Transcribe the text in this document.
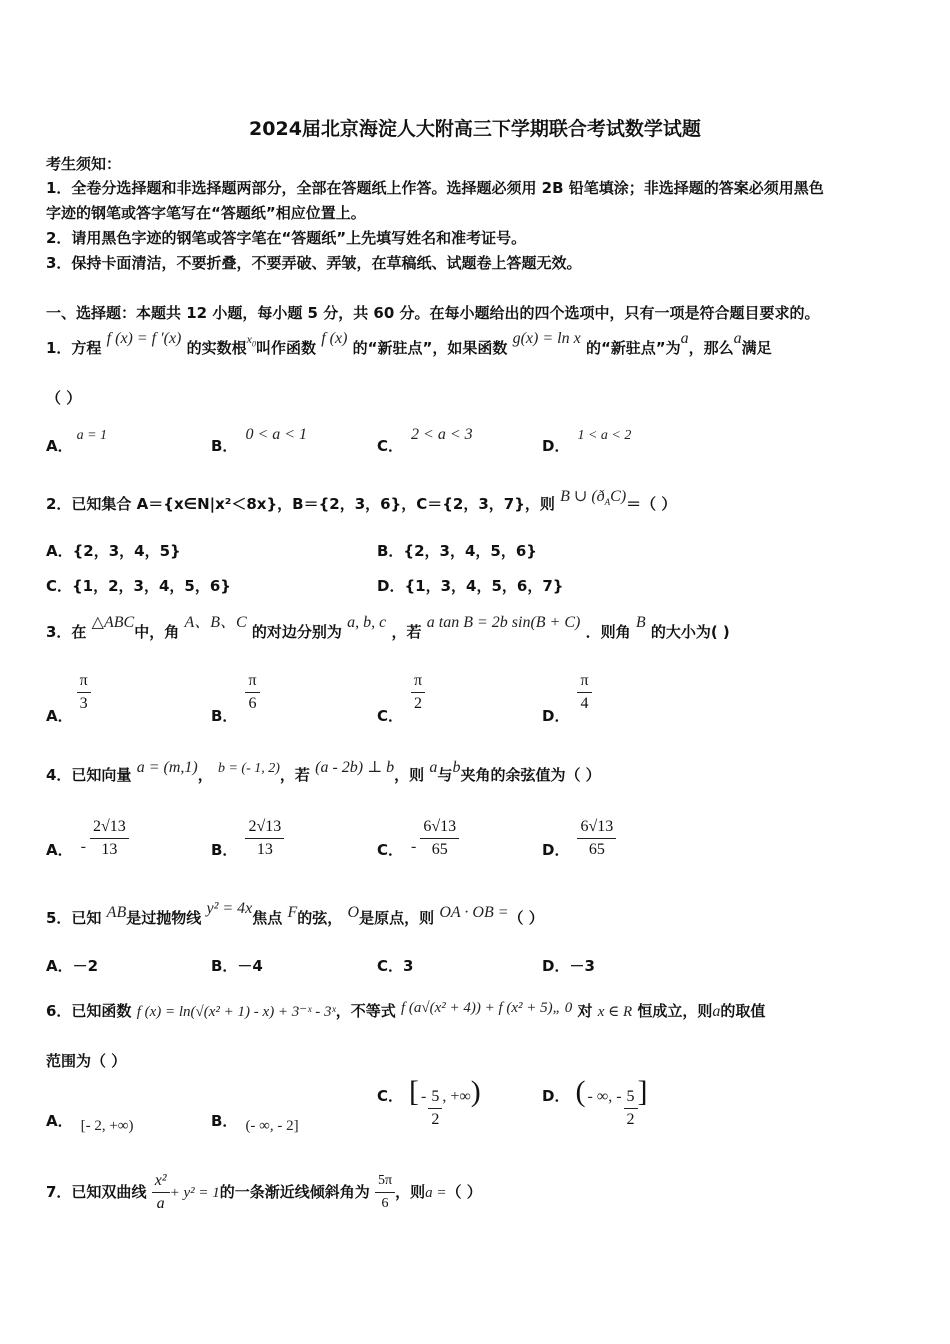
2024届北京海淀人大附高三下学期联合考试数学试题
考生须知：
1．全卷分选择题和非选择题两部分，全部在答题纸上作答。选择题必须用 2B 铅笔填涂；非选择题的答案必须用黑色
字迹的钢笔或答字笔写在“答题纸”相应位置上。
2．请用黑色字迹的钢笔或答字笔在“答题纸”上先填写姓名和准考证号。
3．保持卡面清洁，不要折叠，不要弄破、弄皱，在草稿纸、试题卷上答题无效。
一、选择题：本题共 12 小题，每小题 5 分，共 60 分。在每小题给出的四个选项中，只有一项是符合题目要求的。
1．方程 f (x) = f ′(x) 的实数根$^{x_0}$叫作函数 f (x) 的“新驻点”，如果函数 g(x) = ln x 的“新驻点”为a，那么a满足
（ ）
A．a = 1
B．0 < a < 1
C．2 < a < 3
D．1 < a < 2
2．已知集合 A＝{x∈N|x²＜8x}，B＝{2，3，6}，C＝{2，3，7}，则 B ∪ $(ð_AC)=$（ ）
A．{2，3，4，5}	B．{2，3，4，5，6}
C．{1，2，3，4，5，6}	D．{1，3，4，5，6，7}
3．在 △ABC中，角 A、B、C 的对边分别为 a, b, c ，若 a tan B = 2b sin(B + C) ．则角 B 的大小为( )
A．
$\frac{\pi}{3}$
B．
$\frac{\pi}{6}$
C．
$\frac{\pi}{2}$
D．
$\frac{\pi}{4}$
4．已知向量 a = (m,1)， b = (- 1, 2)，若 (a - 2b) ⊥ b，则 a与b夹角的余弦值为（ ）
A． - $\frac{2√13}{13}$	B． $\frac{2√13}{13}$	C． - $\frac{6√13}{65}$	D． $\frac{6√13}{65}$
5．已知 AB是过抛物线 y² = 4x焦点 F的弦， O是原点，则 OA · OB =（ ）
A．－2	B．－4	C．3	D．－3
6．已知函数 f (x) = ln(√(x² + 1) - x) + 3⁻ˣ - 3ˣ，不等式 f (a√(x² + 4)) + f (x² + 5)„ 0 对 x ∈ R 恒成立，则a的取值
范围为（ ）
A． [- 2, +∞)	B． (- ∞, - 2]
C． [ - $\frac{5}{2}$ , +∞)	D． ( - ∞, - $\frac{5}{2}$ ]
7．已知双曲线 $\frac{\text{x²}}{a} + y^2 = 1$的一条渐近线倾斜角为 $\frac{5\pi}{6}$ ，则a =（ ）
